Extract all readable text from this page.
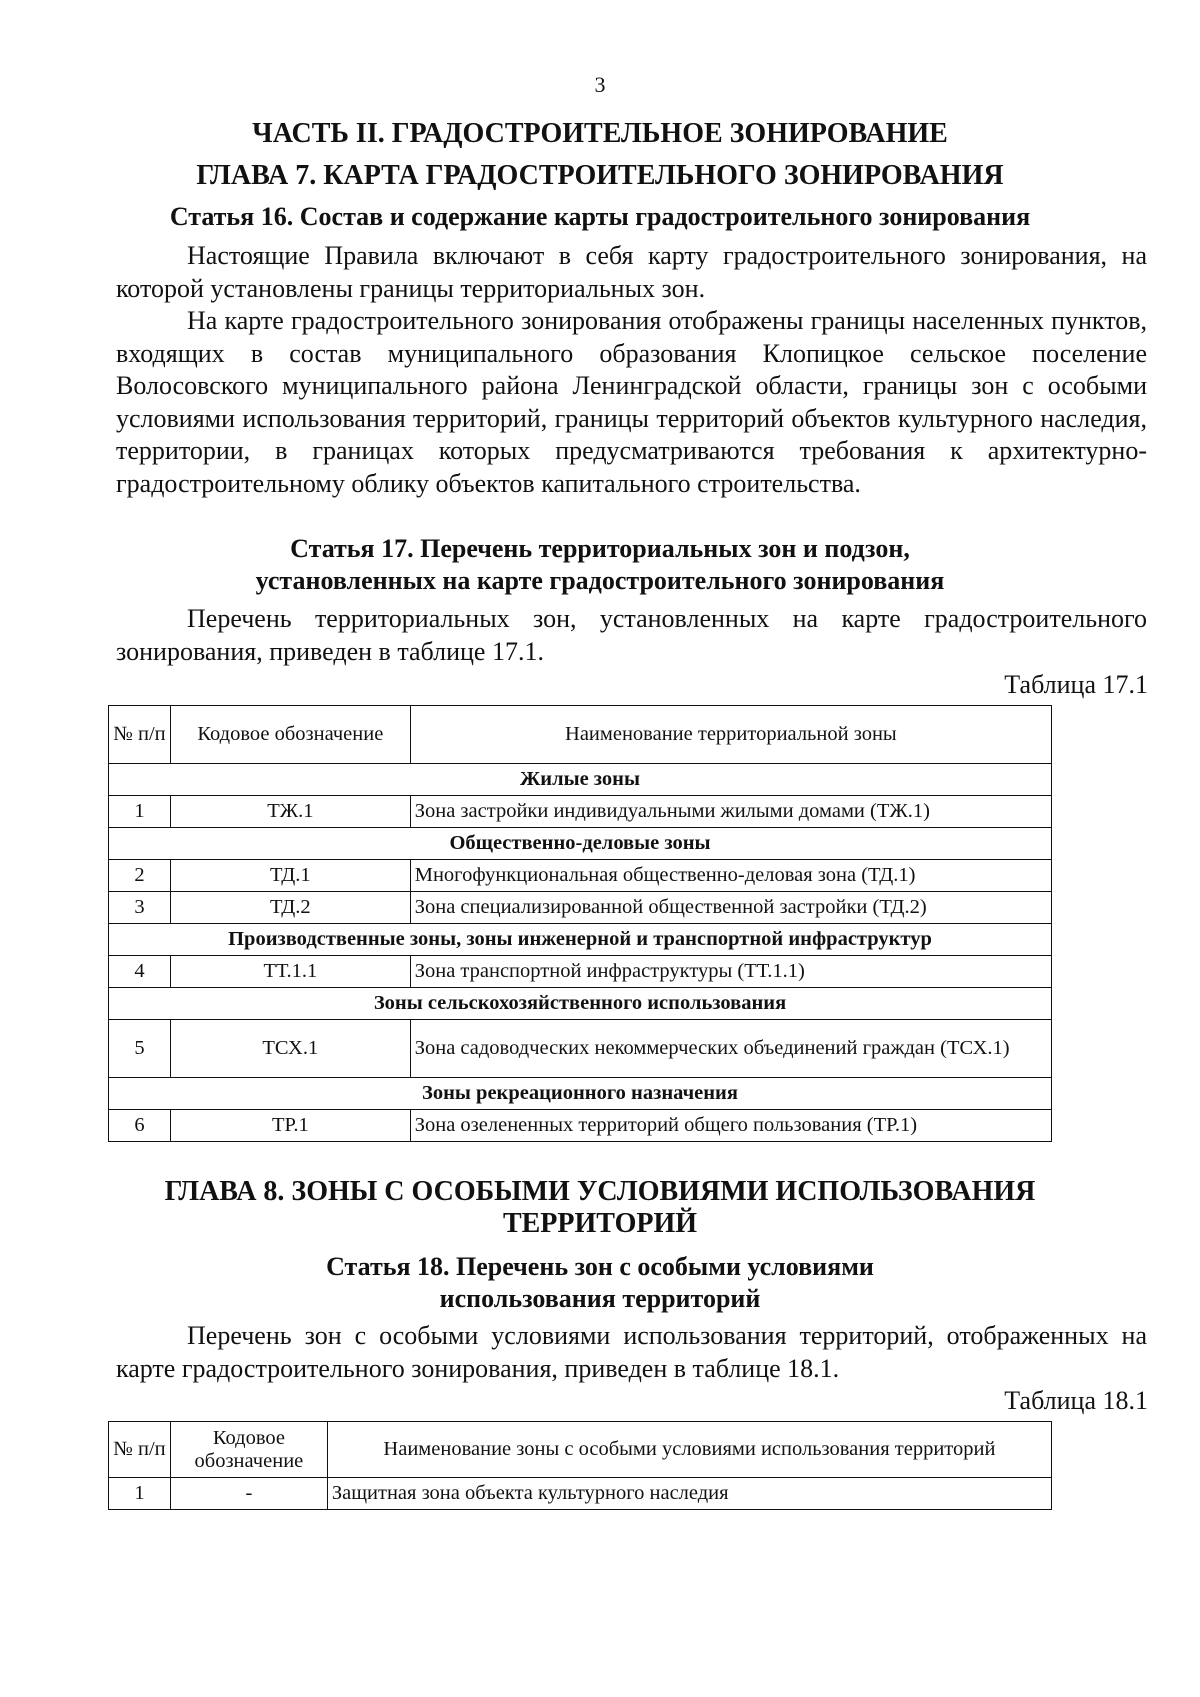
3
ЧАСТЬ II. ГРАДОСТРОИТЕЛЬНОЕ ЗОНИРОВАНИЕ
ГЛАВА 7. КАРТА ГРАДОСТРОИТЕЛЬНОГО ЗОНИРОВАНИЯ
Статья 16. Состав и содержание карты градостроительного зонирования

Настоящие Правила включают в себя карту градостроительного зонирования, на которой установлены границы территориальных зон.

На карте градостроительного зонирования отображены границы населенных пунктов, входящих в состав муниципального образования Клопицкое сельское поселение Волосовского муниципального района Ленинградской области, границы зон с особыми условиями использования территорий, границы территорий объектов культурного наследия, территории, в границах которых предусматриваются требования к архитектурно-градостроительному облику объектов капитального строительства.

Статья 17. Перечень территориальных зон и подзон,
установленных на карте градостроительного зонирования

Перечень территориальных зон, установленных на карте градостроительного зонирования, приведен в таблице 17.1.

Таблица 17.1
№ п/п	Кодовое обозначение	Наименование территориальной зоны
Жилые зоны		
1	ТЖ.1	Зона застройки индивидуальными жилыми домами (ТЖ.1)
Общественно-деловые зоны		
2	ТД.1	Многофункциональная общественно-деловая зона (ТД.1)
3	ТД.2	Зона специализированной общественной застройки (ТД.2)
Производственные зоны, зоны инженерной и транспортной инфраструктур		
4	ТТ.1.1	Зона транспортной инфраструктуры (ТТ.1.1)
Зоны сельскохозяйственного использования		
5	ТСХ.1	Зона садоводческих некоммерческих объединений граждан (ТСХ.1)
Зоны рекреационного назначения		
6	ТР.1	Зона озелененных территорий общего пользования (ТР.1)
ГЛАВА 8. ЗОНЫ С ОСОБЫМИ УСЛОВИЯМИ ИСПОЛЬЗОВАНИЯ
ТЕРРИТОРИЙ
Статья 18. Перечень зон с особыми условиями
использования территорий

Перечень зон с особыми условиями использования территорий, отображенных на карте градостроительного зонирования, приведен в таблице 18.1.

Таблица 18.1
№ п/п	Кодовое обозначение	Наименование зоны с особыми условиями использования территорий
1	-	Защитная зона объекта культурного наследия
